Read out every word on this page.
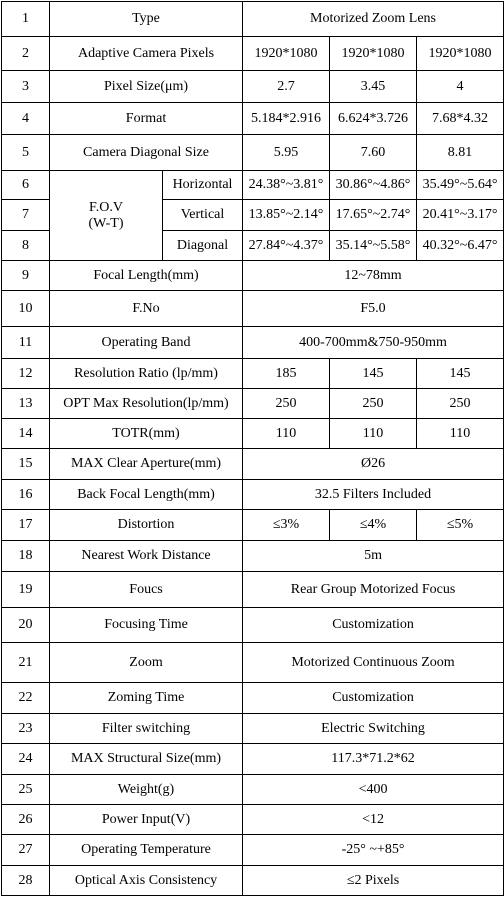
1	Type		Motorized Zoom Lens		
2	Adaptive Camera Pixels		1920*1080	1920*1080	1920*1080
3	Pixel Size(μm)		2.7	3.45	4
4	Format		5.184*2.916	6.624*3.726	7.68*4.32
5	Camera Diagonal Size		5.95	7.60	8.81
6	F.O.V
(W-T)	Horizontal	24.38°~3.81°	30.86°~4.86°	35.49°~5.64°
7		Vertical	13.85°~2.14°	17.65°~2.74°	20.41°~3.17°
8		Diagonal	27.84°~4.37°	35.14°~5.58°	40.32°~6.47°
9	Focal Length(mm)		12~78mm		
10	F.No		F5.0		
11	Operating Band		400-700mm&750-950mm		
12	Resolution Ratio (lp/mm)		185	145	145
13	OPT Max Resolution(lp/mm)		250	250	250
14	TOTR(mm)		110	110	110
15	MAX Clear Aperture(mm)		Ø26		
16	Back Focal Length(mm)		32.5 Filters Included		
17	Distortion		≤3%	≤4%	≤5%
18	Nearest Work Distance		5m		
19	Foucs		Rear Group Motorized Focus		
20	Focusing Time		Customization		
21	Zoom		Motorized Continuous Zoom		
22	Zoming Time		Customization		
23	Filter switching		Electric Switching		
24	MAX Structural Size(mm)		117.3*71.2*62		
25	Weight(g)		<400		
26	Power Input(V)		<12		
27	Operating Temperature		-25° ~+85°		
28	Optical Axis Consistency		≤2 Pixels		
